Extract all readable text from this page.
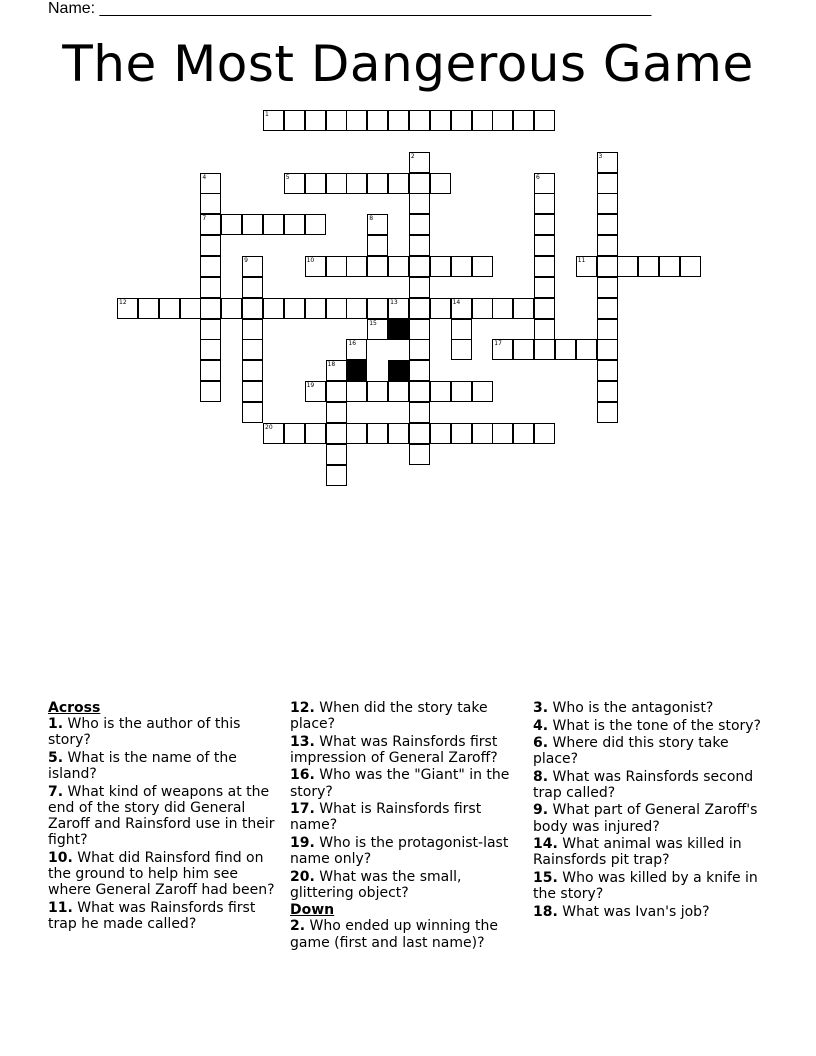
Name: ______________________________________________________________
The Most Dangerous Game
1
2	3
4	5	6
7	8
9	10	11
12	13	14
16	17
18
19
20
15
Across
1. Who is the author of this story?
5. What is the name of the island?
7. What kind of weapons at the end of the story did General Zaroff and Rainsford use in their fight?
10. What did Rainsford find on the ground to help him see where General Zaroff had been?
11. What was Rainsfords first trap he made called?
12. When did the story take place?
13. What was Rainsfords first impression of General Zaroff?
16. Who was the "Giant" in the story?
17. What is Rainsfords first name?
19. Who is the protagonist-last name only?
20. What was the small, glittering object?
Down
2. Who ended up winning the game (first and last name)?
3. Who is the antagonist?
4. What is the tone of the story?
6. Where did this story take place?
8. What was Rainsfords second trap called?
9. What part of General Zaroff's body was injured?
14. What animal was killed in Rainsfords pit trap?
15. Who was killed by a knife in the story?
18. What was Ivan's job?
